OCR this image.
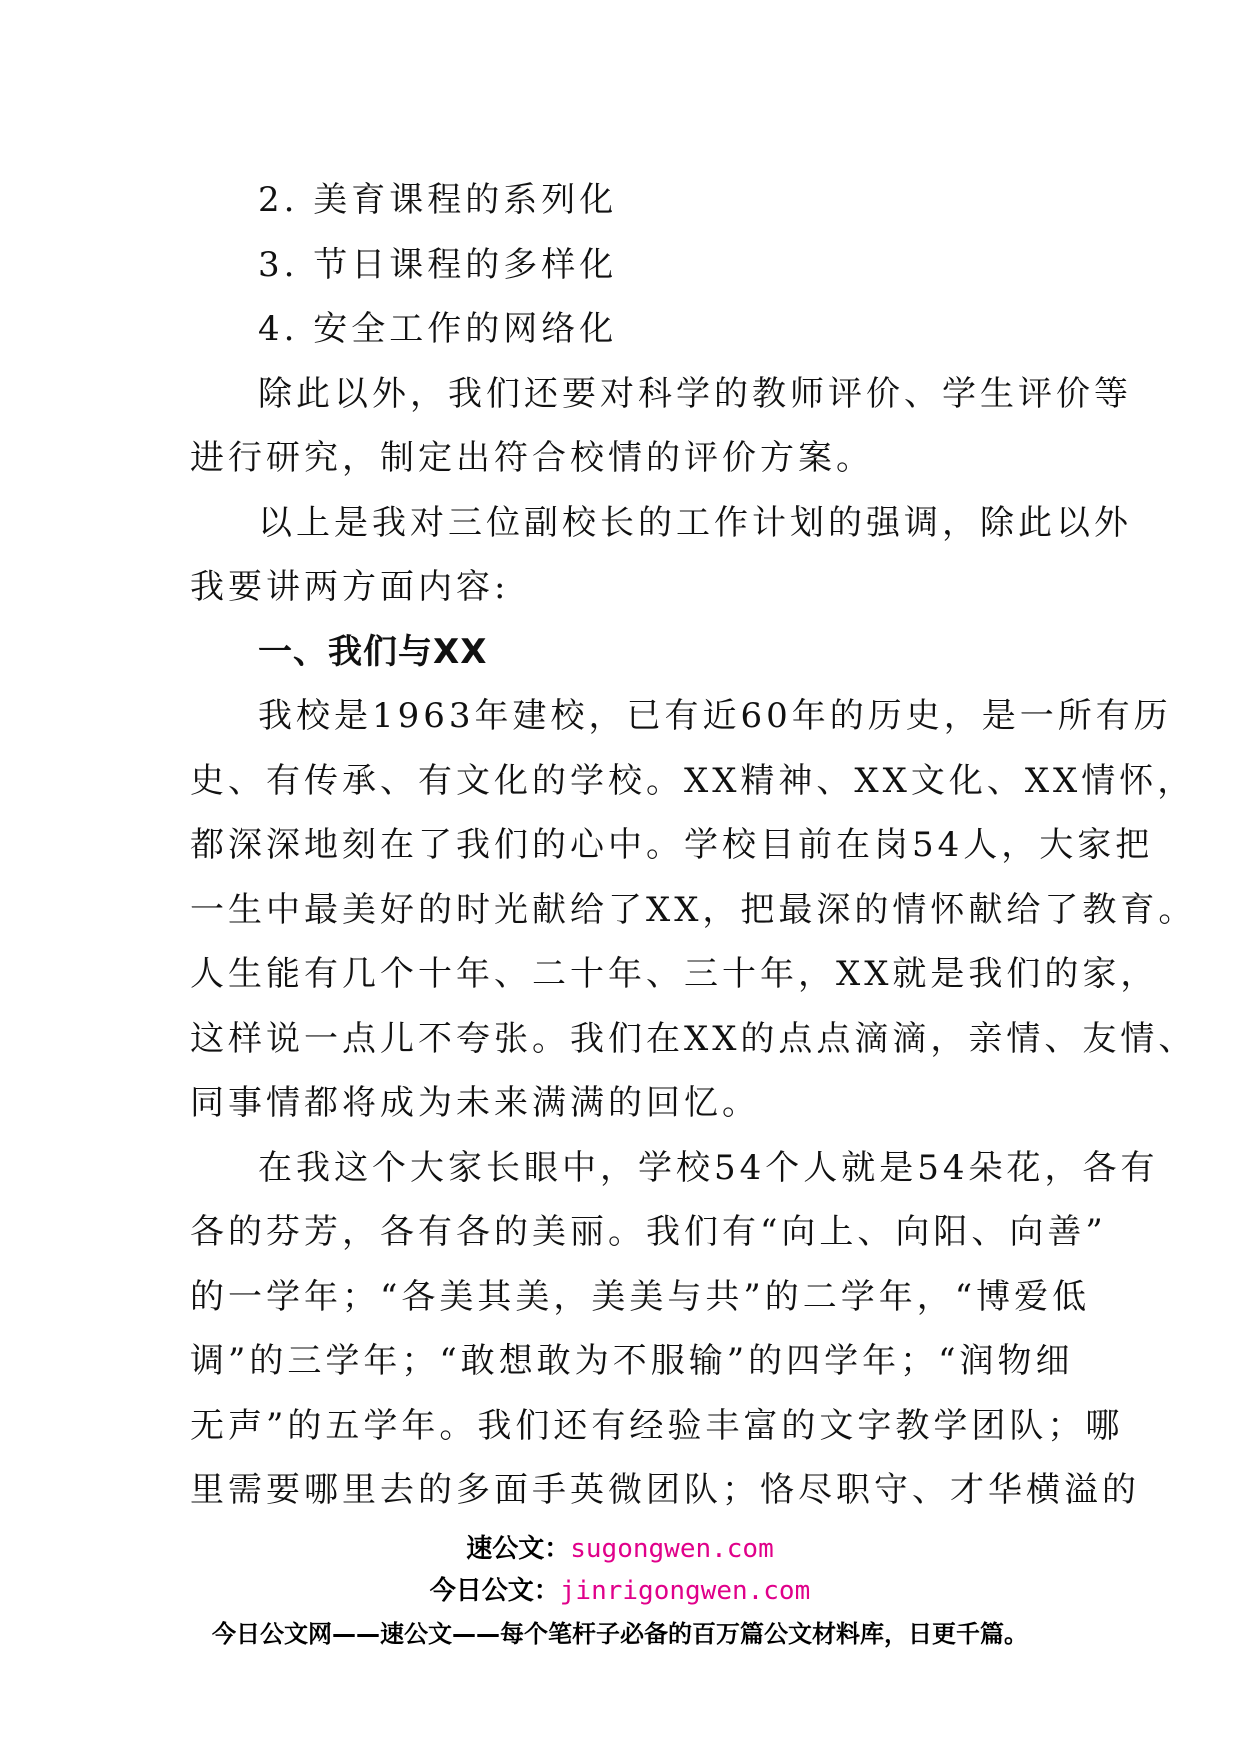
2. 美育课程的系列化
3. 节日课程的多样化
4. 安全工作的网络化
除此以外，我们还要对科学的教师评价、学生评价等
进行研究，制定出符合校情的评价方案。
以上是我对三位副校长的工作计划的强调，除此以外
我要讲两方面内容:
一、我们与XX
我校是1963年建校，已有近60年的历史，是一所有历
史、有传承、有文化的学校。XX精神、XX文化、XX情怀，
都深深地刻在了我们的心中。学校目前在岗54人，大家把
一生中最美好的时光献给了XX，把最深的情怀献给了教育。
人生能有几个十年、二十年、三十年，XX就是我们的家，
这样说一点儿不夸张。我们在XX的点点滴滴，亲情、友情、
同事情都将成为未来满满的回忆。
在我这个大家长眼中，学校54个人就是54朵花，各有
各的芬芳，各有各的美丽。我们有“向上、向阳、向善”
的一学年；“各美其美，美美与共”的二学年，“博爱低
调”的三学年；“敢想敢为不服输”的四学年；“润物细
无声”的五学年。我们还有经验丰富的文字教学团队；哪
里需要哪里去的多面手英微团队；恪尽职守、才华横溢的
速公文：sugongwen.com
今日公文：jinrigongwen.com
今日公文网——速公文——每个笔杆子必备的百万篇公文材料库，日更千篇。
